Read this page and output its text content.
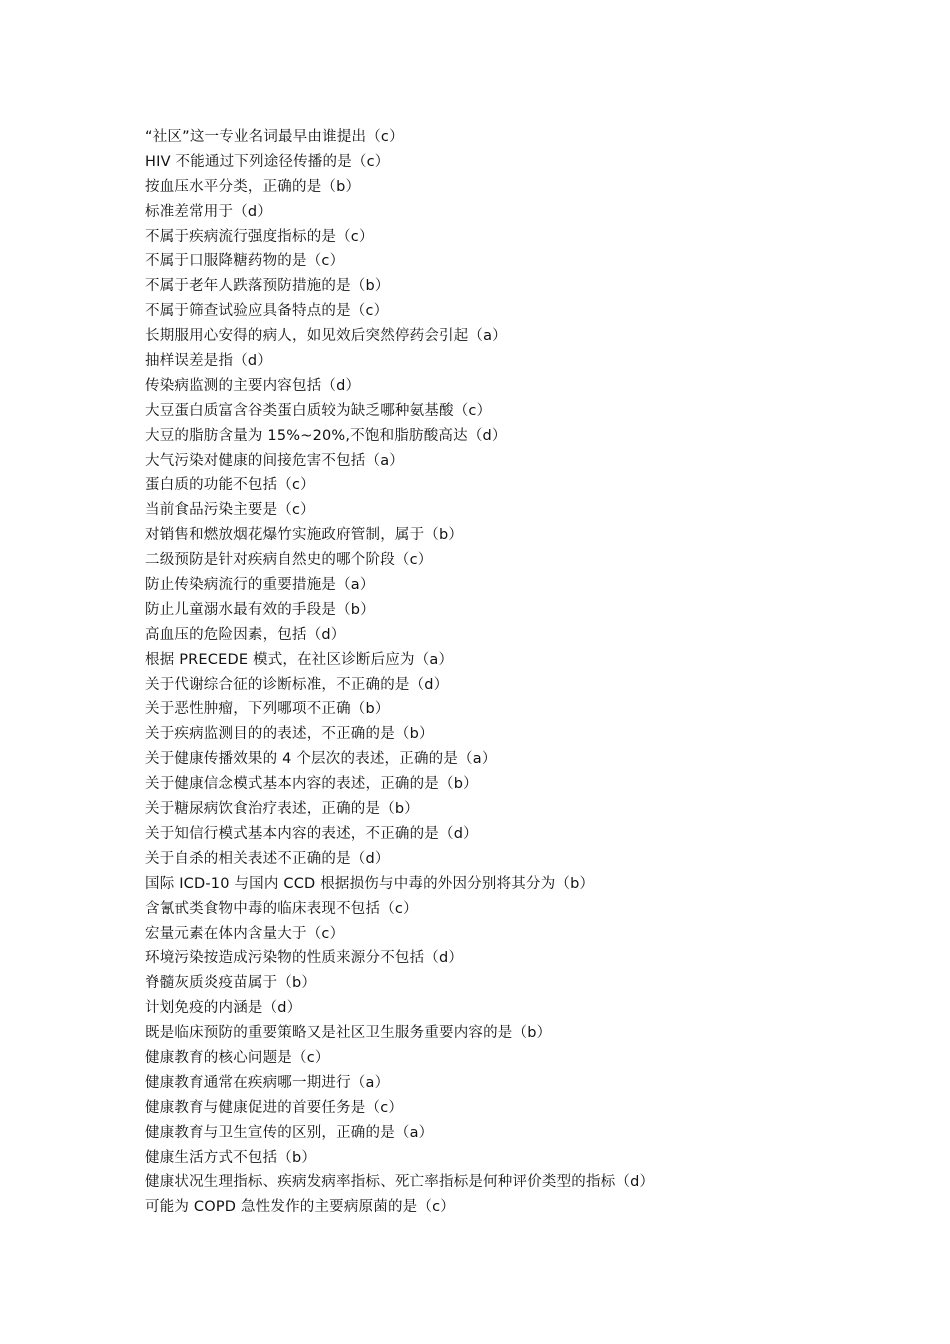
“社区”这一专业名词最早由谁提出（c）
HIV 不能通过下列途径传播的是（c）
按血压水平分类，正确的是（b）
标准差常用于（d）
不属于疾病流行强度指标的是（c）
不属于口服降糖药物的是（c）
不属于老年人跌落预防措施的是（b）
不属于筛查试验应具备特点的是（c）
长期服用心安得的病人，如见效后突然停药会引起（a）
抽样误差是指（d）
传染病监测的主要内容包括（d）
大豆蛋白质富含谷类蛋白质较为缺乏哪种氨基酸（c）
大豆的脂肪含量为 15%~20%,不饱和脂肪酸高达（d）
大气污染对健康的间接危害不包括（a）
蛋白质的功能不包括（c）
当前食品污染主要是（c）
对销售和燃放烟花爆竹实施政府管制，属于（b）
二级预防是针对疾病自然史的哪个阶段（c）
防止传染病流行的重要措施是（a）
防止儿童溺水最有效的手段是（b）
高血压的危险因素，包括（d）
根据 PRECEDE 模式，在社区诊断后应为（a）
关于代谢综合征的诊断标准，不正确的是（d）
关于恶性肿瘤，下列哪项不正确（b）
关于疾病监测目的的表述，不正确的是（b）
关于健康传播效果的 4 个层次的表述，正确的是（a）
关于健康信念模式基本内容的表述，正确的是（b）
关于糖尿病饮食治疗表述，正确的是（b）
关于知信行模式基本内容的表述，不正确的是（d）
关于自杀的相关表述不正确的是（d）
国际 ICD-10 与国内 CCD 根据损伤与中毒的外因分别将其分为（b）
含氰甙类食物中毒的临床表现不包括（c）
宏量元素在体内含量大于（c）
环境污染按造成污染物的性质来源分不包括（d）
脊髓灰质炎疫苗属于（b）
计划免疫的内涵是（d）
既是临床预防的重要策略又是社区卫生服务重要内容的是（b）
健康教育的核心问题是（c）
健康教育通常在疾病哪一期进行（a）
健康教育与健康促进的首要任务是（c）
健康教育与卫生宣传的区别，正确的是（a）
健康生活方式不包括（b）
健康状况生理指标、疾病发病率指标、死亡率指标是何种评价类型的指标（d）
可能为 COPD 急性发作的主要病原菌的是（c）
